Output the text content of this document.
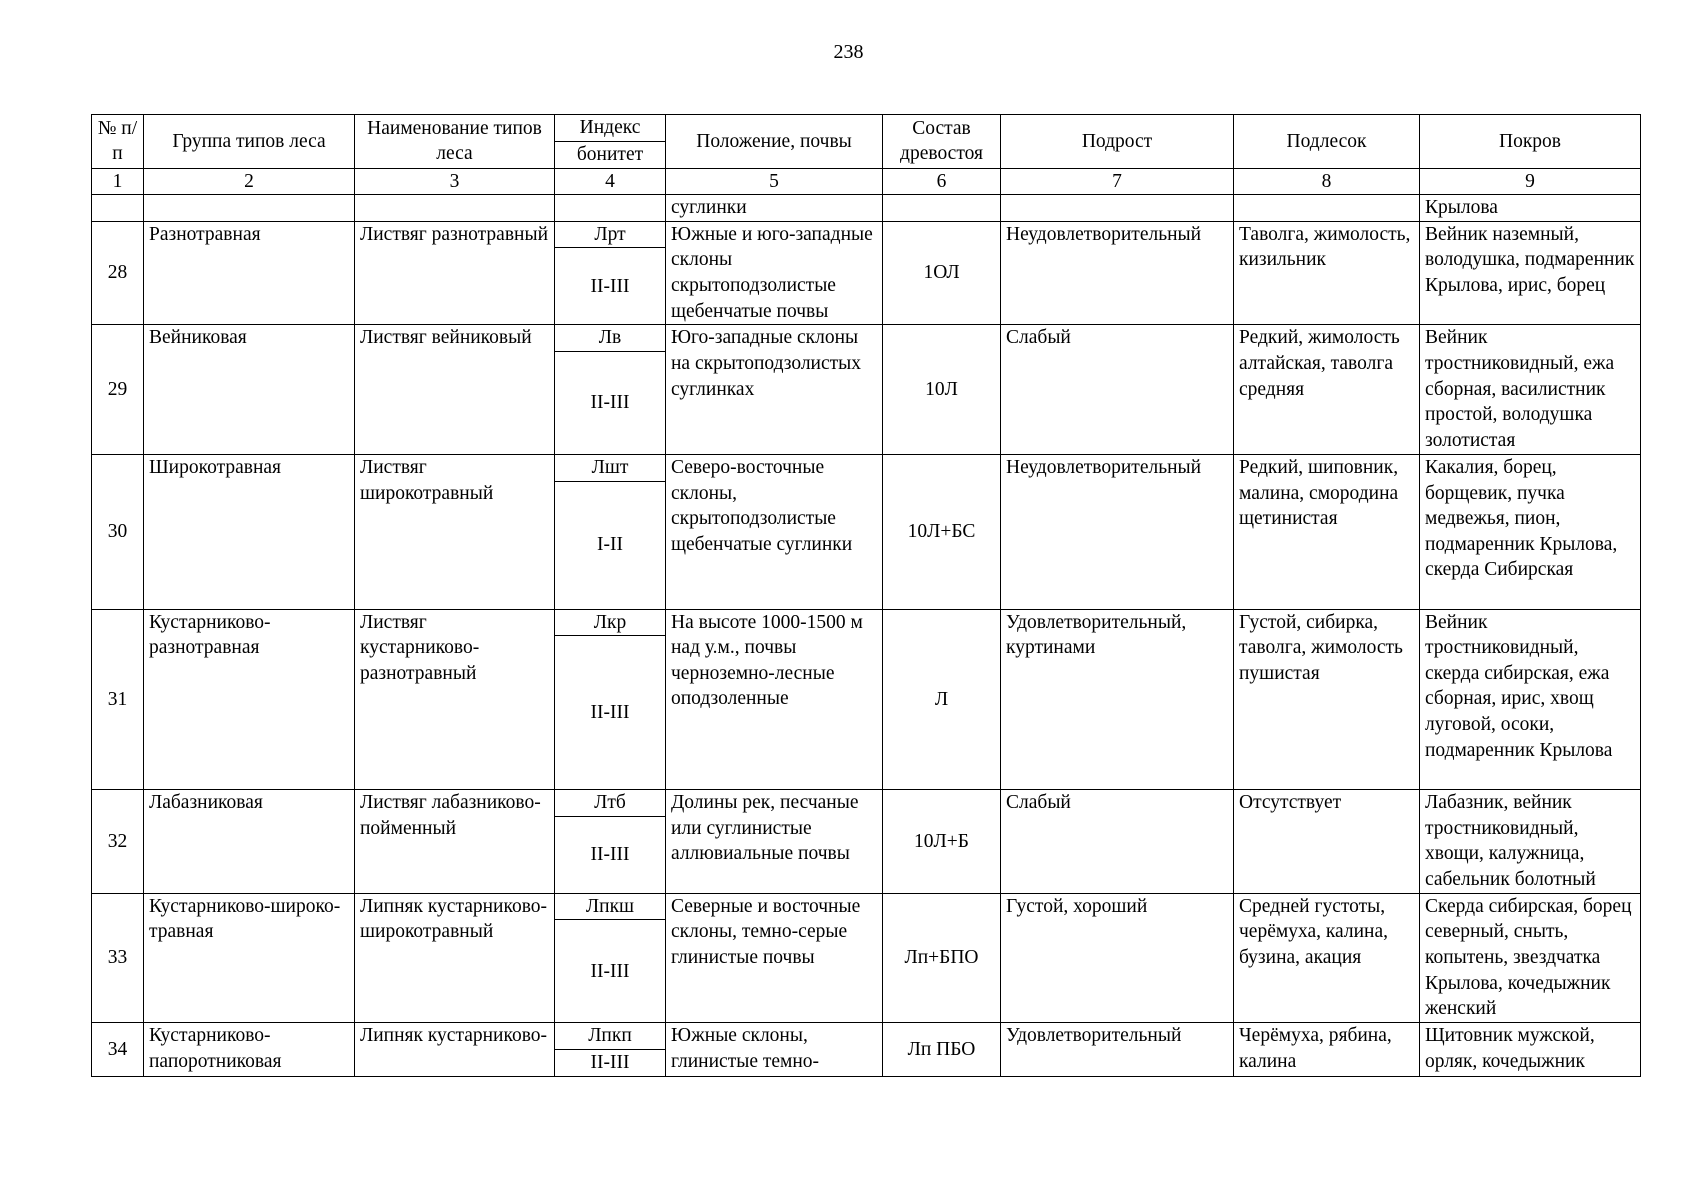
238
№ п/п	Группа типов леса	Наименование типов леса	Индекс	Положение, почвы	Состав древостоя	Подрост	Подлесок	Покров
			бонитет					
1	2	3	4	5	6	7	8	9
				суглинки				Крылова
28	Разнотравная	Листвяг разнотравный	Лрт	Южные и юго-западные склоны скрытоподзолистые щебенчатые почвы	1ОЛ	Неудовлетворительный	Таволга, жимолость, кизильник	Вейник наземный, володушка, подмаренник Крылова, ирис, борец
			II-III					
29	Вейниковая	Листвяг вейниковый	Лв	Юго-западные склоны на скрытоподзолистых суглинках	10Л	Слабый	Редкий, жимолость алтайская, таволга средняя	Вейник тростниковидный, ежа сборная, василистник простой, володушка золотистая
			II-III					
30	Широкотравная	Листвяг широкотравный	Лшт	Северо-восточные склоны, скрытоподзолистые щебенчатые суглинки	10Л+БС	Неудовлетворительный	Редкий, шиповник, малина, смородина щетинистая	Какалия, борец, борщевик, пучка медвежья, пион, подмаренник Крылова, скерда Сибирская
			I-II					
31	Кустарниково-разнотравная	Листвяг кустарниково-разнотравный	Лкр	На высоте 1000-1500 м над у.м., почвы черноземно-лесные оподзоленные	Л	Удовлетворительный, куртинами	Густой, сибирка, таволга, жимолость пушистая	Вейник тростниковидный, скерда сибирская, ежа сборная, ирис, хвощ луговой, осоки, подмаренник Крылова
			II-III					
32	Лабазниковая	Листвяг лабазниково-пойменный	Лтб	Долины рек, песчаные или суглинистые аллювиальные почвы	10Л+Б	Слабый	Отсутствует	Лабазник, вейник тростниковидный, хвощи, калужница, сабельник болотный
			II-III					
33	Кустарниково-широко-травная	Липняк кустарниково-широкотравный	Лпкш	Северные и восточные склоны, темно-серые глинистые почвы	Лп+БПО	Густой, хороший	Средней густоты, черёмуха, калина, бузина, акация	Скерда сибирская, борец северный, сныть, копытень, звездчатка Крылова, кочедыжник женский
			II-III					
34	Кустарниково-папоротниковая	Липняк кустарниково-	Лпкп	Южные склоны, глинистые темно-	Лп ПБО	Удовлетворительный	Черёмуха, рябина, калина	Щитовник мужской, орляк, кочедыжник
			II-III					
